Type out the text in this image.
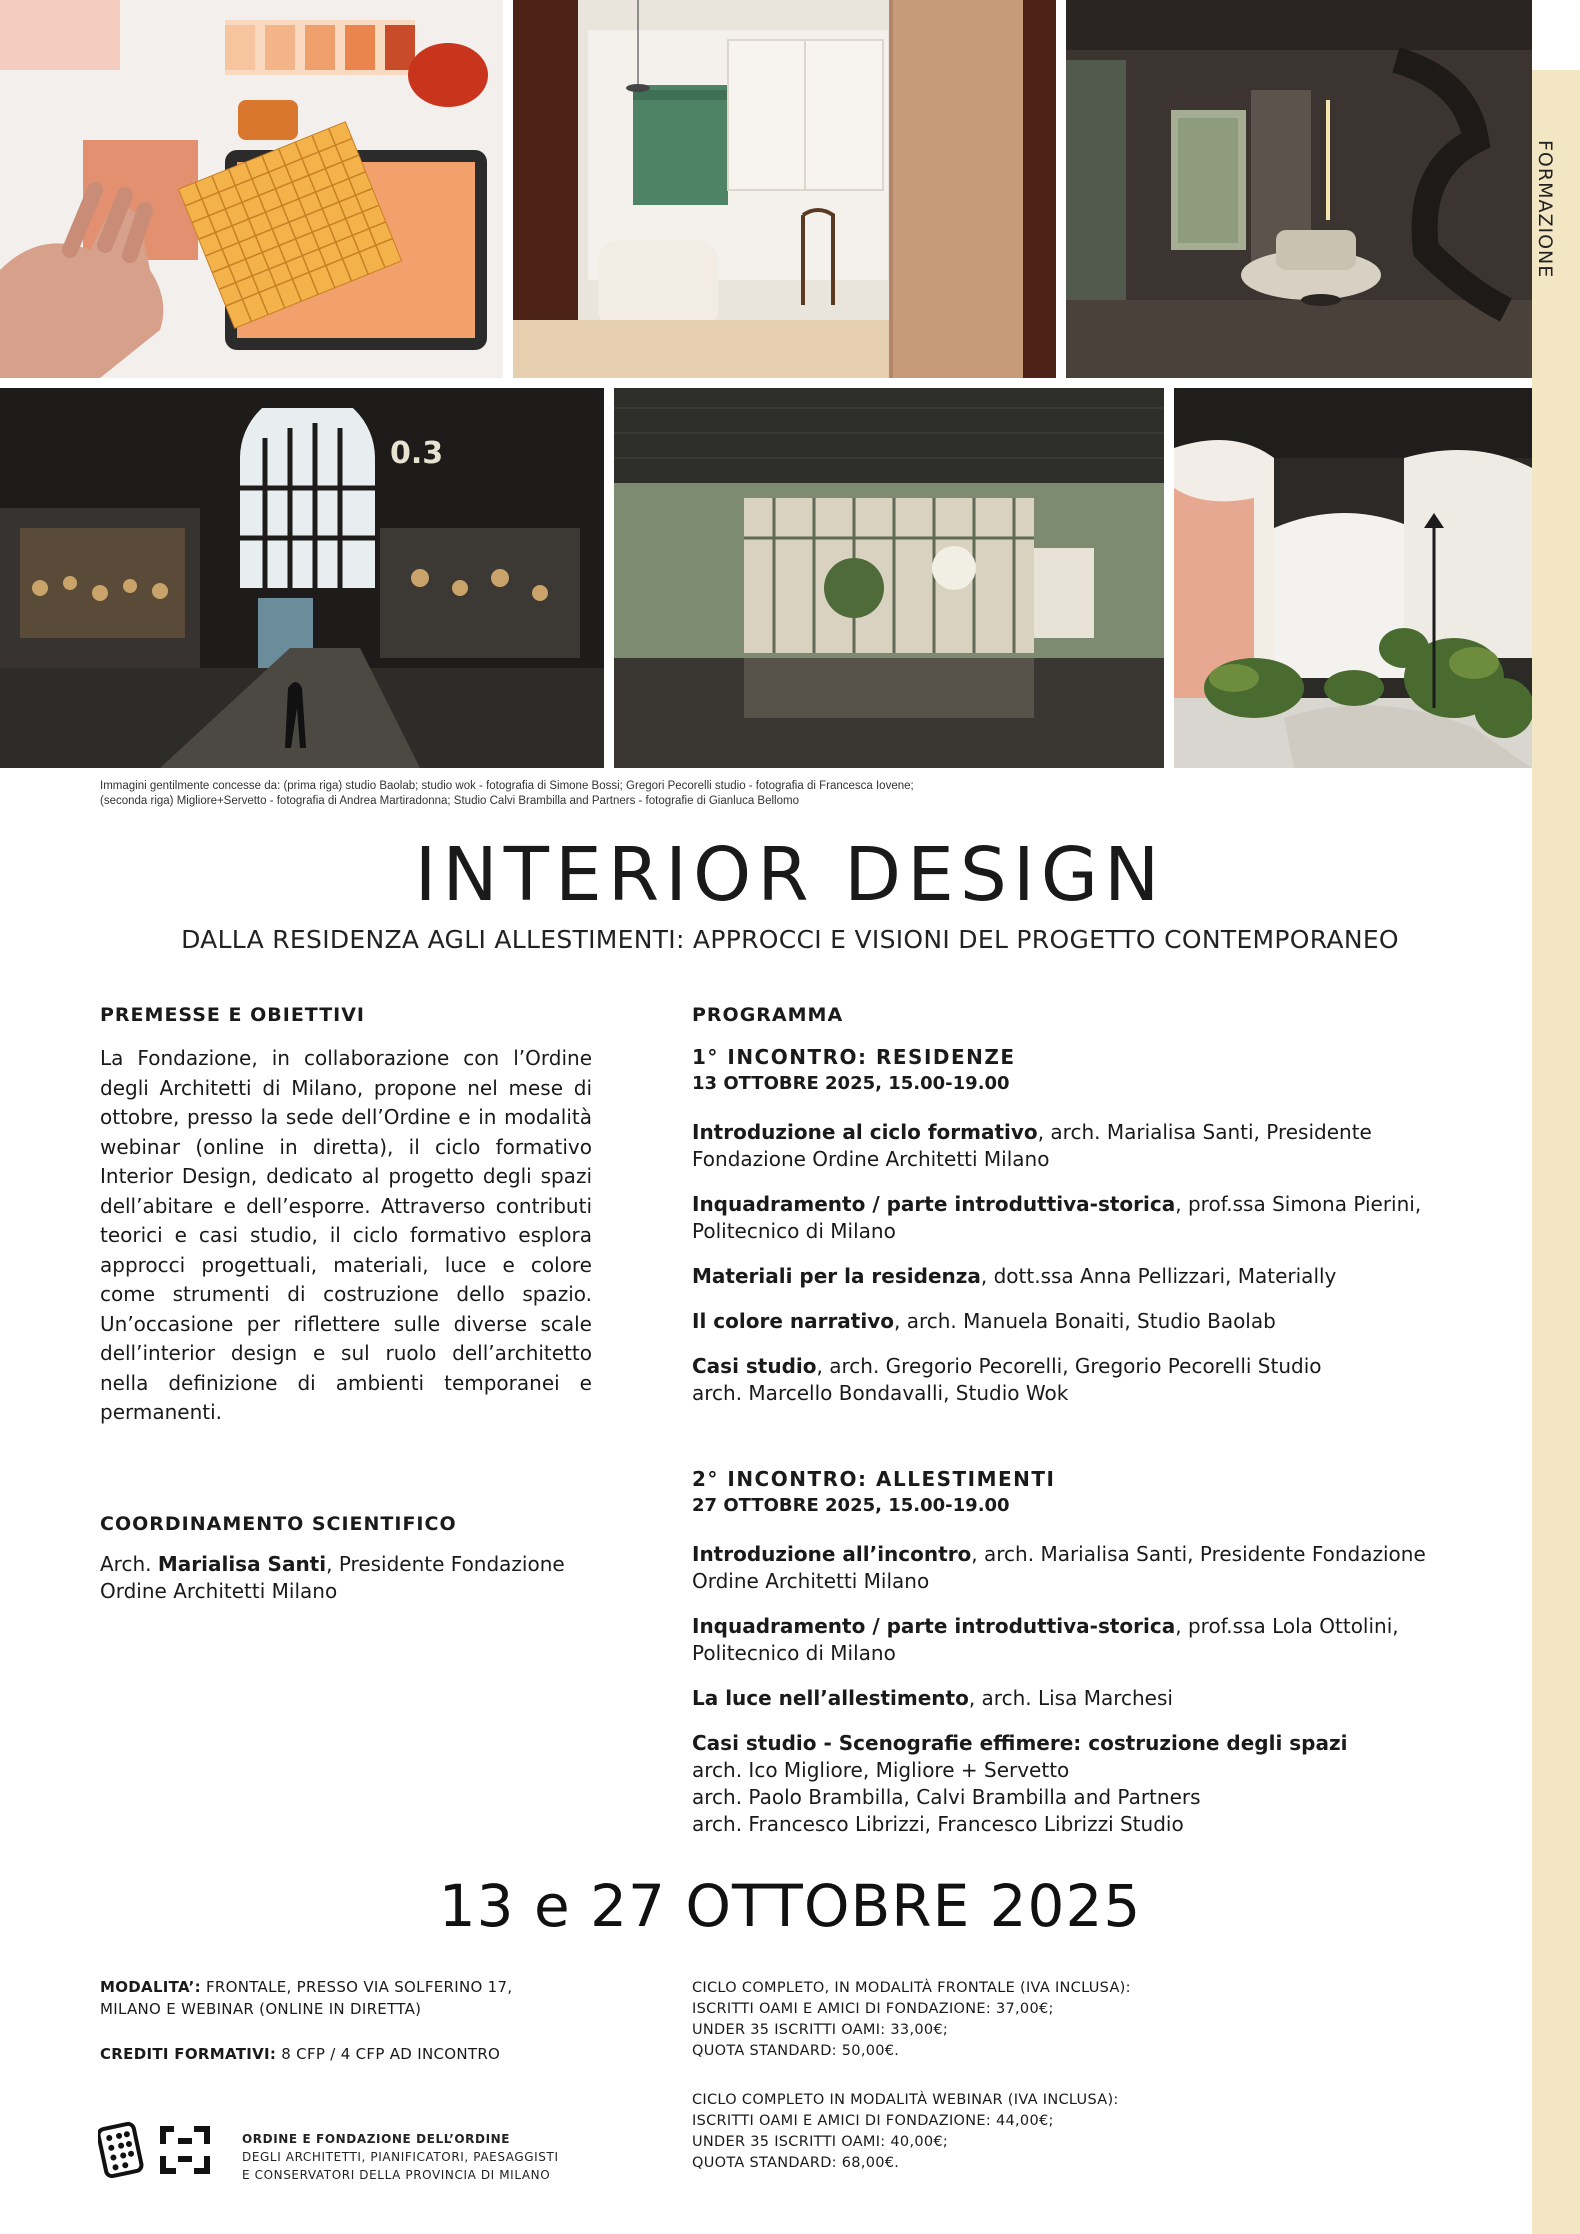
FORMAZIONE
0.3
Immagini gentilmente concesse da: (prima riga) studio Baolab; studio wok - fotografia di Simone Bossi; Gregori Pecorelli studio - fotografia di Francesca Iovene;
(seconda riga) Migliore+Servetto - fotografia di Andrea Martiradonna; Studio Calvi Brambilla and Partners - fotografie di Gianluca Bellomo
INTERIOR DESIGN
DALLA RESIDENZA AGLI ALLESTIMENTI: APPROCCI E VISIONI DEL PROGETTO CONTEMPORANEO
PREMESSE E OBIETTIVI
La Fondazione, in collaborazione con l’Ordine degli Architetti di Milano, propone nel mese di ottobre, presso la sede dell’Ordine e in modalità webinar (online in diretta), il ciclo formativo Interior Design, dedicato al progetto degli spazi dell’abitare e dell’esporre. Attraverso contributi teorici e casi studio, il ciclo formativo esplora approcci progettuali, materiali, luce e colore come strumenti di costruzione dello spazio. Un’occasione per riflettere sulle diverse scale dell’interior design e sul ruolo dell’architetto nella definizione di ambienti temporanei e permanenti.
COORDINAMENTO SCIENTIFICO
Arch. Marialisa Santi, Presidente Fondazione Ordine Architetti Milano
PROGRAMMA
1° INCONTRO: RESIDENZE
13 OTTOBRE 2025, 15.00-19.00
Introduzione al ciclo formativo, arch. Marialisa Santi, Presidente
Fondazione Ordine Architetti Milano
Inquadramento / parte introduttiva-storica, prof.ssa Simona Pierini,
Politecnico di Milano
Materiali per la residenza, dott.ssa Anna Pellizzari, Materially
Il colore narrativo, arch. Manuela Bonaiti, Studio Baolab
Casi studio, arch. Gregorio Pecorelli, Gregorio Pecorelli Studio
arch. Marcello Bondavalli, Studio Wok
2° INCONTRO: ALLESTIMENTI
27 OTTOBRE 2025, 15.00-19.00
Introduzione all’incontro, arch. Marialisa Santi, Presidente Fondazione
Ordine Architetti Milano
Inquadramento / parte introduttiva-storica, prof.ssa Lola Ottolini,
Politecnico di Milano
La luce nell’allestimento, arch. Lisa Marchesi
Casi studio - Scenografie effimere: costruzione degli spazi
arch. Ico Migliore, Migliore + Servetto
arch. Paolo Brambilla, Calvi Brambilla and Partners
arch. Francesco Librizzi, Francesco Librizzi Studio
13 e 27 OTTOBRE 2025
MODALITA’: FRONTALE, PRESSO VIA SOLFERINO 17,
MILANO E WEBINAR (ONLINE IN DIRETTA)
CREDITI FORMATIVI: 8 CFP / 4 CFP AD INCONTRO
ORDINE E FONDAZIONE DELL’ORDINE
DEGLI ARCHITETTI, PIANIFICATORI, PAESAGGISTI
E CONSERVATORI DELLA PROVINCIA DI MILANO
CICLO COMPLETO, IN MODALITÀ FRONTALE (IVA INCLUSA):
ISCRITTI OAMI E AMICI DI FONDAZIONE: 37,00€;
UNDER 35 ISCRITTI OAMI: 33,00€;
QUOTA STANDARD: 50,00€.
CICLO COMPLETO IN MODALITÀ WEBINAR (IVA INCLUSA):
ISCRITTI OAMI E AMICI DI FONDAZIONE: 44,00€;
UNDER 35 ISCRITTI OAMI: 40,00€;
QUOTA STANDARD: 68,00€.
